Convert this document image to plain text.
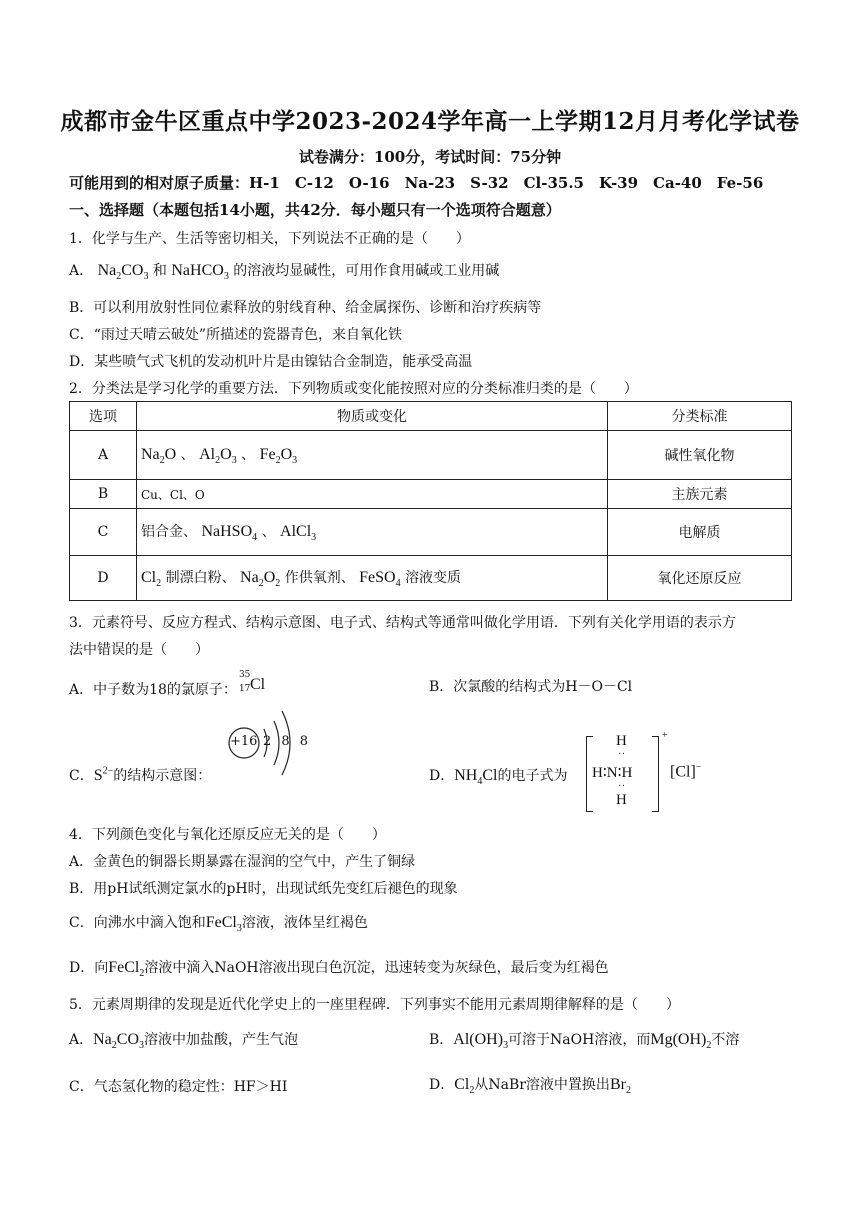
成都市金牛区重点中学2023-2024学年高一上学期12月月考化学试卷
试卷满分：100分，考试时间：75分钟
可能用到的相对原子质量：H-1　C-12　O-16　Na-23　S-32　Cl-35.5　K-39　Ca-40　Fe-56
一、选择题（本题包括14小题，共42分．每小题只有一个选项符合题意）
1．化学与生产、生活等密切相关，下列说法不正确的是（　　）
A． $Na_2CO_3$ 和 NaHCO$_3$ 的溶液均显碱性，可用作食用碱或工业用碱
B．可以利用放射性同位素释放的射线育种、给金属探伤、诊断和治疗疾病等
C．“雨过天晴云破处”所描述的瓷器青色，来自氧化铁
D．某些喷气式飞机的发动机叶片是由镍钴合金制造，能承受高温
2．分类法是学习化学的重要方法．下列物质或变化能按照对应的分类标准归类的是（　　）
选项	物质或变化	分类标准
A	$Na_2O$ 、 $Al_2O_3$ 、 $Fe_2O_3$	碱性氧化物
B	Cu、Cl、O	主族元素
C	铝合金、 NaHSO$_4$ 、 AlCl$_3$	电解质
D	$Cl_2$ 制漂白粉、 $Na_2O_2$ 作供氧剂、 FeSO$_4$ 溶液变质	氧化还原反应
3．元素符号、反应方程式、结构示意图、电子式、结构式等通常叫做化学用语．下列有关化学用语的表示方
法中错误的是（　　）
A．中子数为18的氯原子：
35
17 Cl	B．次氯酸的结构式为H－O－Cl
C．$S^{2-}$的结构示意图：
+16 2 8 8
D．$NH_4Cl$的电子式为
+
H
··
H∶N∶H
··
H
[Cl]−
4．下列颜色变化与氧化还原反应无关的是（　　）
A．金黄色的铜器长期暴露在湿润的空气中，产生了铜绿
B．用pH试纸测定氯水的pH时，出现试纸先变红后褪色的现象
C．向沸水中滴入饱和FeCl$_3$溶液，液体呈红褐色
D．向FeCl$_2$溶液中滴入NaOH溶液出现白色沉淀，迅速转变为灰绿色，最后变为红褐色
5．元素周期律的发现是近代化学史上的一座里程碑．下列事实不能用元素周期律解释的是（　　）
A．$Na_2CO_3$溶液中加盐酸，产生气泡	B．$Al(OH)_3$可溶于NaOH溶液，而$Mg(OH)_2$不溶
C．气态氢化物的稳定性：HF＞HI	D．$Cl_2$从NaBr溶液中置换出$Br_2$
